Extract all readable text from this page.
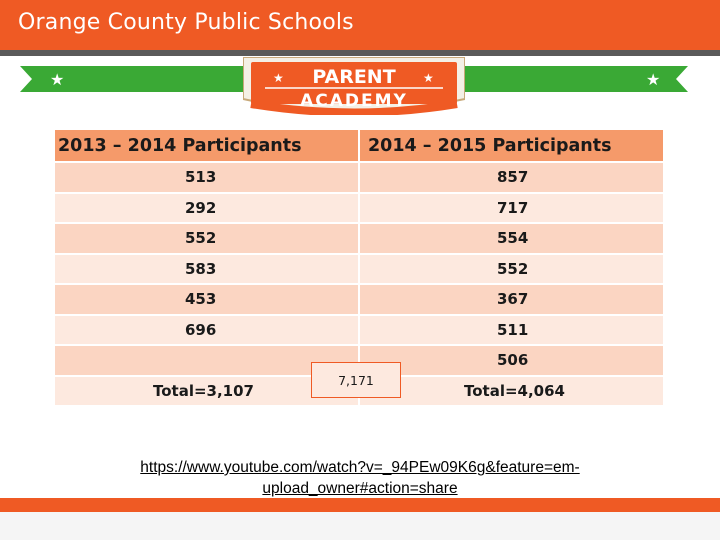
Orange County Public Schools
★	★
★	★
PARENT
ACADEMY
2013 – 2014 Participants	2014 – 2015 Participants
513	857
292	717
552	554
583	552
453	367
696	511
	506
Total=3,107	Total=4,064
7,171
https://www.youtube.com/watch?v=_94PEw09K6g&feature=em-upload_owner#action=share
